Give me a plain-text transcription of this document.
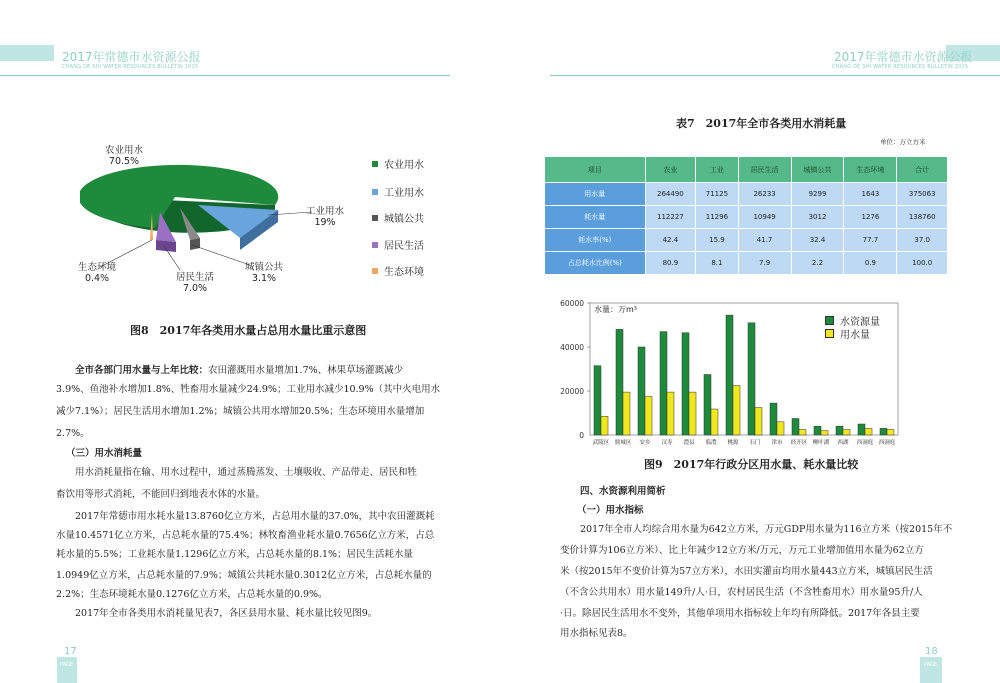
2017年常德市水资源公报
CHANG DE SHI WATER RESOURCES BULLETIN 2015
2017年常德市水资源公报
CHANG DE SHI WATER RESOURCES BULLETIN 2015
农业用水
70.5%
工业用水
19%
城镇公共
3.1%
居民生活
7.0%
生态环境
0.4%
农业用水
工业用水
城镇公共
居民生活
生态环境
图8　2017年各类用水量占总用水量比重示意图
全市各部门用水量与上年比较：农田灌溉用水量增加1.7%、林果草场灌溉减少
3.9%、鱼池补水增加1.8%、牲畜用水量减少24.9%；工业用水减少10.9%（其中火电用水
减少7.1%）；居民生活用水增加1.2%；城镇公共用水增加20.5%；生态环境用水量增加
2.7%。
（三）用水消耗量
用水消耗量指在输、用水过程中，通过蒸腾蒸发、土壤吸收、产品带走、居民和牲
畜饮用等形式消耗，不能回归到地表水体的水量。
2017年常德市用水耗水量13.8760亿立方米，占总用水量的37.0%，其中农田灌溉耗
水量10.4571亿立方米，占总耗水量的75.4%；林牧畜渔业耗水量0.7656亿立方米，占总
耗水量的5.5%；工业耗水量1.1296亿立方米，占总耗水量的8.1%；居民生活耗水量
1.0949亿立方米，占总耗水量的7.9%；城镇公共耗水量0.3012亿立方米，占总耗水量的
2.2%；生态环境耗水量0.1276亿立方米，占总耗水量的0.9%。
2017年全市各类用水消耗量见表7，各区县用水量、耗水量比较见图9。
17
PAGE
表7　2017年全市各类用水消耗量
单位：万立方米
项目	农业	工业	居民生活	城镇公共	生态环境	合计
用水量	264490	71125	26233	9299	1643	375063
耗水量	112227	11296	10949	3012	1276	138760
耗水率(%)	42.4	15.9	41.7	32.4	77.7	37.0
占总耗水比例(%)	80.9	8.1	7.9	2.2	0.9	100.0
0
20000
40000
60000
水量：万m³
武陵区 鼎城区 安乡 汉寿 澧县 临澧 桃源 石门 津市 经开区 柳叶湖 西湖 西洞庭 西洞庭
水资源量
用水量
图9　2017年行政分区用水量、耗水量比较
四、水资源利用简析
（一）用水指标
2017年全市人均综合用水量为642立方米，万元GDP用水量为116立方米（按2015年不
变价计算为106立方米）、比上年减少12立方米/万元，万元工业增加值用水量为62立方
米（按2015年不变价计算为57立方米），水田实灌亩均用水量443立方米，城镇居民生活
（不含公共用水）用水量149升/人·日，农村居民生活（不含牲畜用水）用水量95升/人
·日。除居民生活用水不变外，其他单项用水指标较上年均有所降低。2017年各县主要
用水指标见表8。
18
PAGE
